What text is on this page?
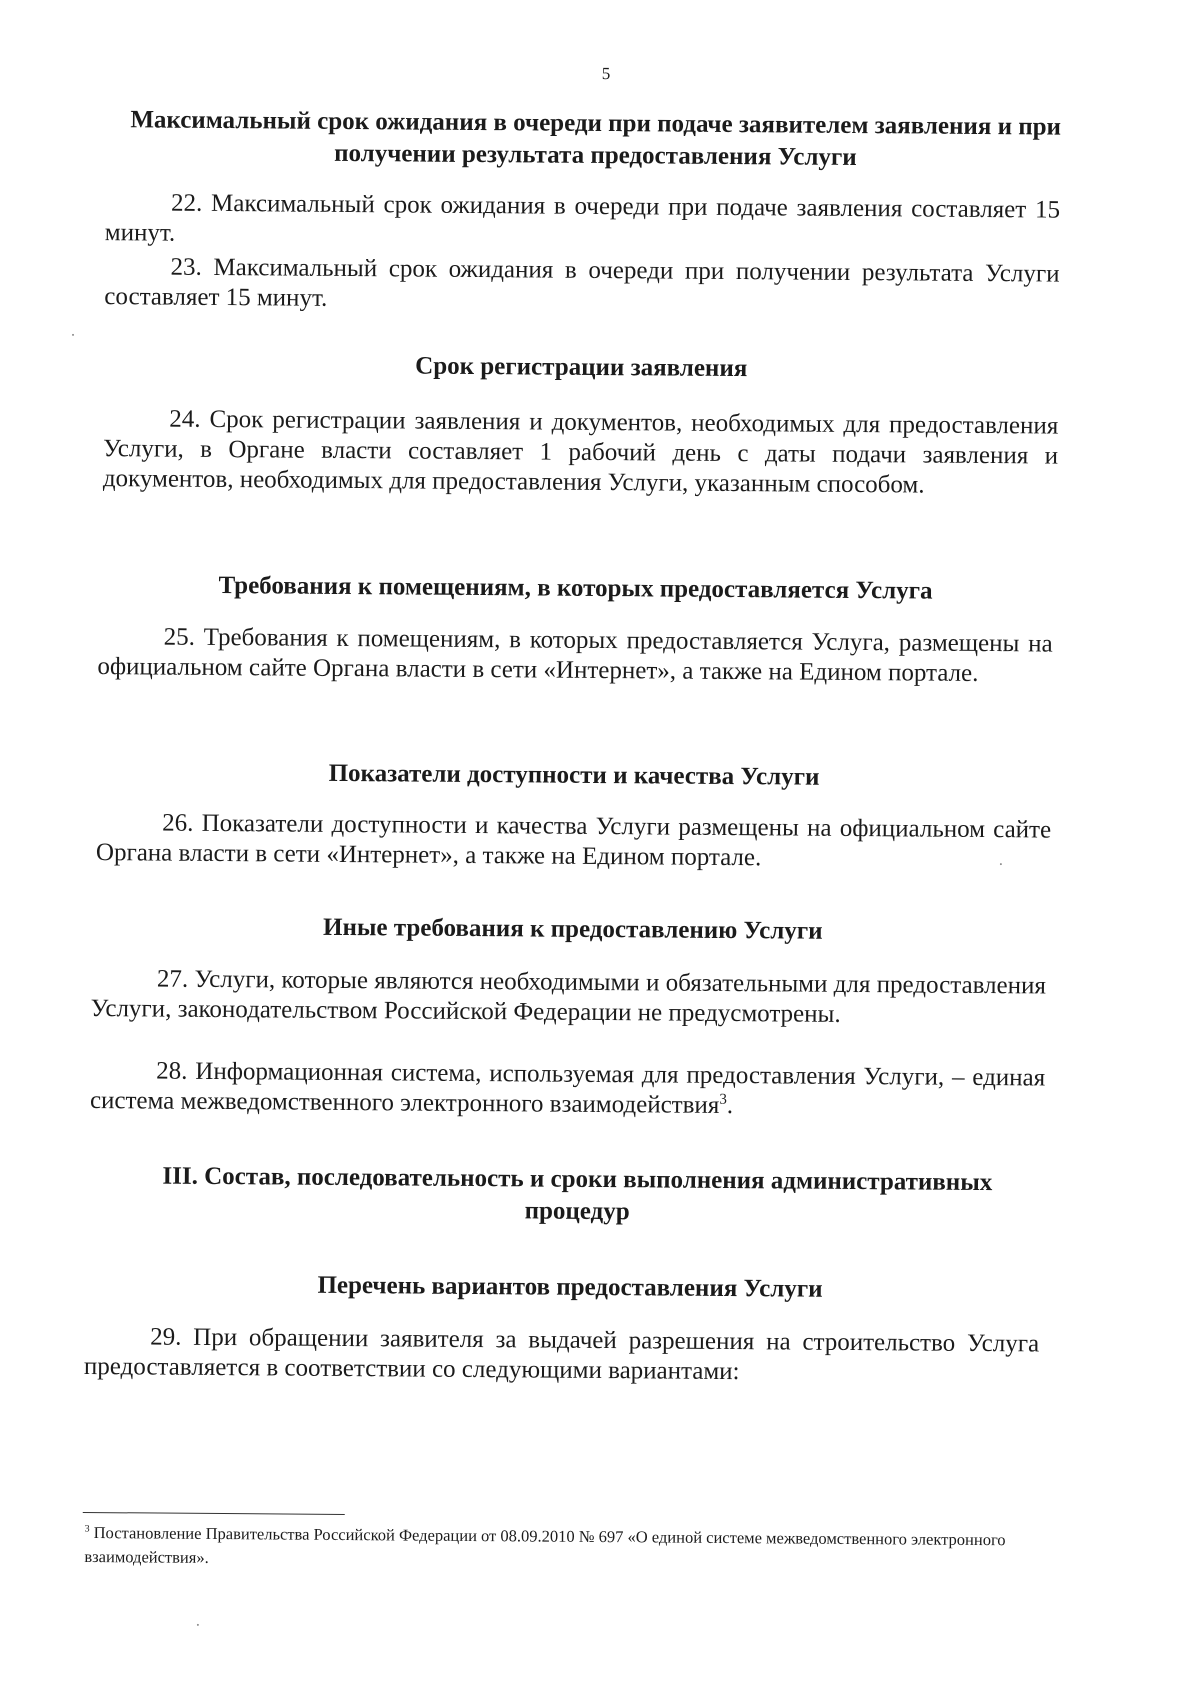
5
Максимальный срок ожидания в очереди при подаче заявителем заявления и при получении результата предоставления Услуги
22. Максимальный срок ожидания в очереди при подаче заявления составляет 15 минут.
23. Максимальный срок ожидания в очереди при получении результата Услуги составляет 15 минут.
Срок регистрации заявления
24. Срок регистрации заявления и документов, необходимых для предоставления Услуги, в Органе власти составляет 1 рабочий день с даты подачи заявления и документов, необходимых для предоставления Услуги, указанным способом.
Требования к помещениям, в которых предоставляется Услуга
25. Требования к помещениям, в которых предоставляется Услуга, размещены на официальном сайте Органа власти в сети «Интернет», а также на Едином портале.
Показатели доступности и качества Услуги
26. Показатели доступности и качества Услуги размещены на официальном сайте Органа власти в сети «Интернет», а также на Едином портале.
Иные требования к предоставлению Услуги
27. Услуги, которые являются необходимыми и обязательными для предоставления Услуги, законодательством Российской Федерации не предусмотрены.
28. Информационная система, используемая для предоставления Услуги, – единая система межведомственного электронного взаимодействия$^3$.
III. Состав, последовательность и сроки выполнения административных процедур
Перечень вариантов предоставления Услуги
29. При обращении заявителя за выдачей разрешения на строительство Услуга предоставляется в соответствии со следующими вариантами:
$^3$ Постановление Правительства Российской Федерации от 08.09.2010 № 697 «О единой системе межведомственного электронного взаимодействия».
